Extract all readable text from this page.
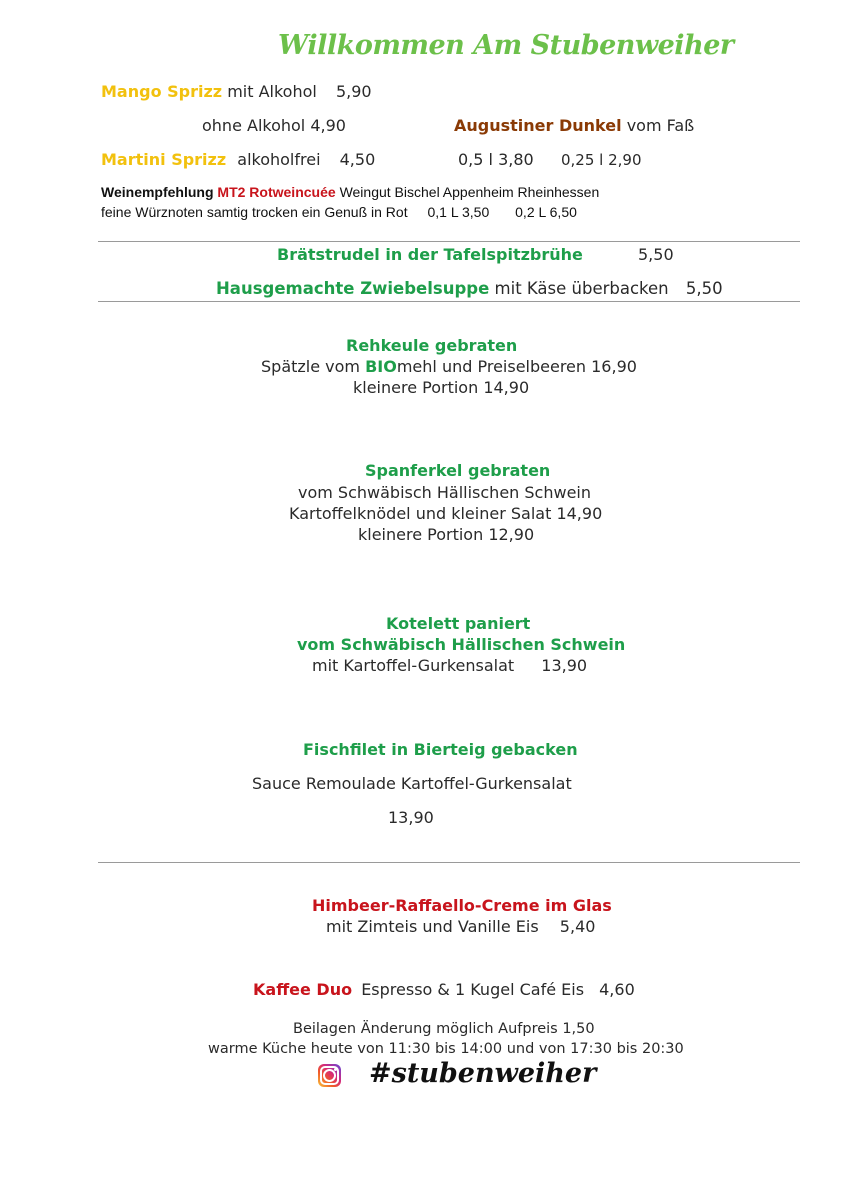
Willkommen Am Stubenweiher
Mango Sprizz mit Alkohol 5,90
ohne Alkohol 4,90
Martini Sprizz alkoholfrei 4,50
Augustiner Dunkel vom Faß
0,5 l 3,80 0,25 l 2,90
Weinempfehlung MT2 Rotweincuée Weingut Bischel Appenheim Rheinhessen
feine Würznoten samtig trocken ein Genuß in Rot 0,1 L 3,50 0,2 L 6,50
Brätstrudel in der Tafelspitzbrühe	5,50
Hausgemachte Zwiebelsuppe mit Käse überbacken 5,50
Rehkeule gebraten
Spätzle vom BIOmehl und Preiselbeeren 16,90
kleinere Portion 14,90
Spanferkel gebraten
vom Schwäbisch Hällischen Schwein
Kartoffelknödel und kleiner Salat 14,90
kleinere Portion 12,90
Kotelett paniert
vom Schwäbisch Hällischen Schwein
mit Kartoffel-Gurkensalat 13,90
Fischfilet in Bierteig gebacken
Sauce Remoulade Kartoffel-Gurkensalat
13,90
Himbeer-Raffaello-Creme im Glas
mit Zimteis und Vanille Eis 5,40
Kaffee Duo Espresso & 1 Kugel Café Eis 4,60
Beilagen Änderung möglich Aufpreis 1,50
warme Küche heute von 11:30 bis 14:00 und von 17:30 bis 20:30
#stubenweiher
